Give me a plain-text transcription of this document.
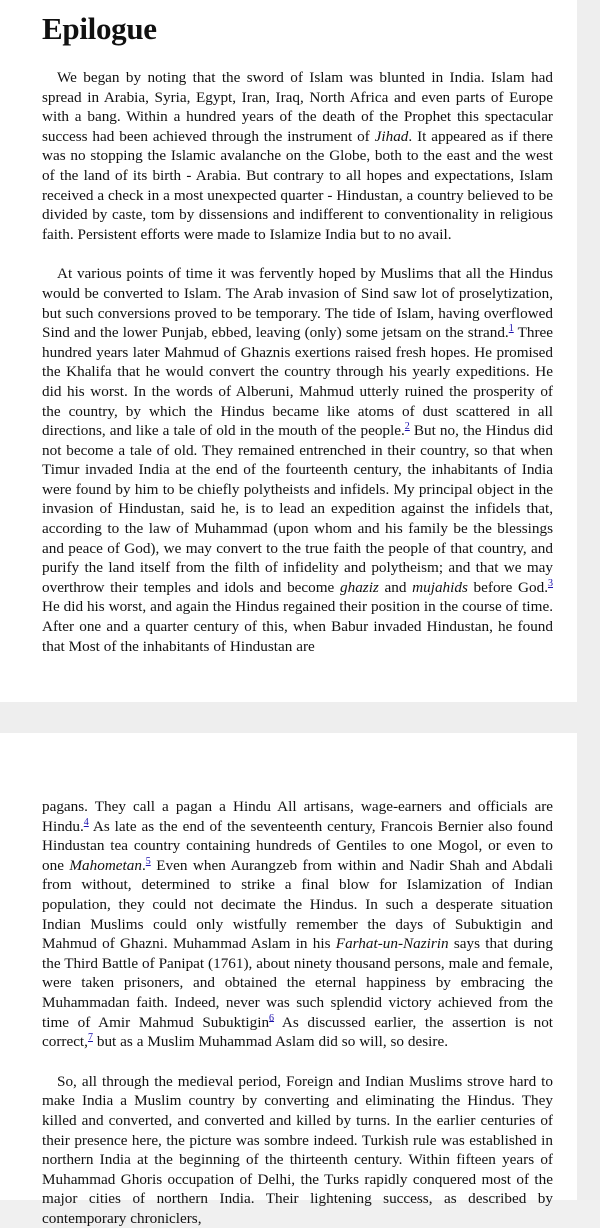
Epilogue

We began by noting that the sword of Islam was blunted in India. Islam had spread in Arabia, Syria, Egypt, Iran, Iraq, North Africa and even parts of Europe with a bang. Within a hundred years of the death of the Prophet this spectacular success had been achieved through the instrument of Jihad. It appeared as if there was no stopping the Islamic avalanche on the Globe, both to the east and the west of the land of its birth - Arabia. But contrary to all hopes and expectations, Islam received a check in a most unexpected quarter - Hindustan, a country believed to be divided by caste, tom by dissensions and indifferent to conventionality in religious faith. Persistent efforts were made to Islamize India but to no avail.

At various points of time it was fervently hoped by Muslims that all the Hindus would be converted to Islam. The Arab invasion of Sind saw lot of proselytization, but such conversions proved to be temporary. The tide of Islam, having overflowed Sind and the lower Punjab, ebbed, leaving (only) some jetsam on the strand.$^1$ Three hundred years later Mahmud of Ghaznis exertions raised fresh hopes. He promised the Khalifa that he would convert the country through his yearly expeditions. He did his worst. In the words of Alberuni, Mahmud utterly ruined the prosperity of the country, by which the Hindus became like atoms of dust scattered in all directions, and like a tale of old in the mouth of the people.$^2$ But no, the Hindus did not become a tale of old. They remained entrenched in their country, so that when Timur invaded India at the end of the fourteenth century, the inhabitants of India were found by him to be chiefly polytheists and infidels. My principal object in the invasion of Hindustan, said he, is to lead an expedition against the infidels that, according to the law of Muhammad (upon whom and his family be the blessings and peace of God), we may convert to the true faith the people of that country, and purify the land itself from the filth of infidelity and polytheism; and that we may overthrow their temples and idols and become ghaziz and mujahids before God.$^3$ He did his worst, and again the Hindus regained their position in the course of time. After one and a quarter century of this, when Babur invaded Hindustan, he found that Most of the inhabitants of Hindustan are

pagans. They call a pagan a Hindu All artisans, wage-earners and officials are Hindu.$^4$ As late as the end of the seventeenth century, Francois Bernier also found Hindustan tea country containing hundreds of Gentiles to one Mogol, or even to one Mahometan.$^5$ Even when Aurangzeb from within and Nadir Shah and Abdali from without, determined to strike a final blow for Islamization of Indian population, they could not decimate the Hindus. In such a desperate situation Indian Muslims could only wistfully remember the days of Subuktigin and Mahmud of Ghazni. Muhammad Aslam in his Farhat-un-Nazirin says that during the Third Battle of Panipat (1761), about ninety thousand persons, male and female, were taken prisoners, and obtained the eternal happiness by embracing the Muhammadan faith. Indeed, never was such splendid victory achieved from the time of Amir Mahmud Subuktigin$^6$ As discussed earlier, the assertion is not correct,$^7$ but as a Muslim Muhammad Aslam did so will, so desire.

So, all through the medieval period, Foreign and Indian Muslims strove hard to make India a Muslim country by converting and eliminating the Hindus. They killed and converted, and converted and killed by turns. In the earlier centuries of their presence here, the picture was sombre indeed. Turkish rule was established in northern India at the beginning of the thirteenth century. Within fifteen years of Muhammad Ghoris occupation of Delhi, the Turks rapidly conquered most of the major cities of northern India. Their lightening success, as described by contemporary chroniclers,
